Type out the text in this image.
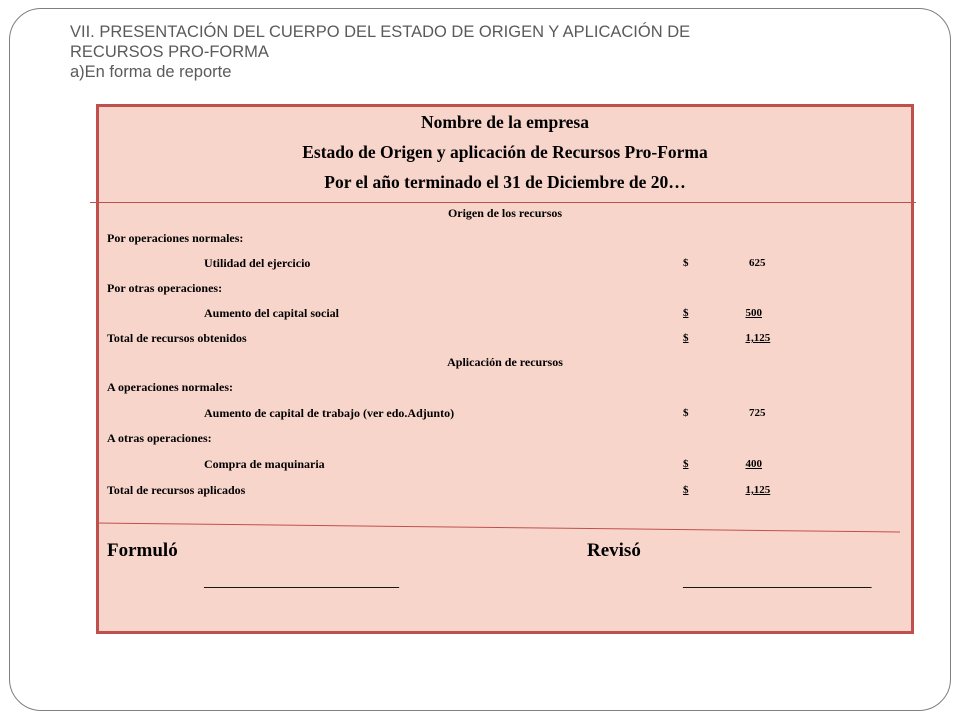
VII. PRESENTACIÓN DEL CUERPO DEL ESTADO DE ORIGEN Y APLICACIÓN DE
RECURSOS PRO-FORMA
a)En forma de reporte
Nombre de la empresa
Estado de Origen y aplicación de Recursos Pro-Forma
Por el año terminado el 31 de Diciembre de 20…
Origen de los recursos
Por operaciones normales:
Utilidad del ejercicio	$	625
Por otras operaciones:
Aumento del capital social	$	500
Total de recursos obtenidos	$	1,125
Aplicación de recursos
A operaciones normales:
Aumento de capital de trabajo (ver edo.Adjunto)	$	725
A otras operaciones:
Compra de maquinaria	$	400
Total de recursos aplicados	$	1,125
Formuló	Revisó
______________________________	_____________________________
